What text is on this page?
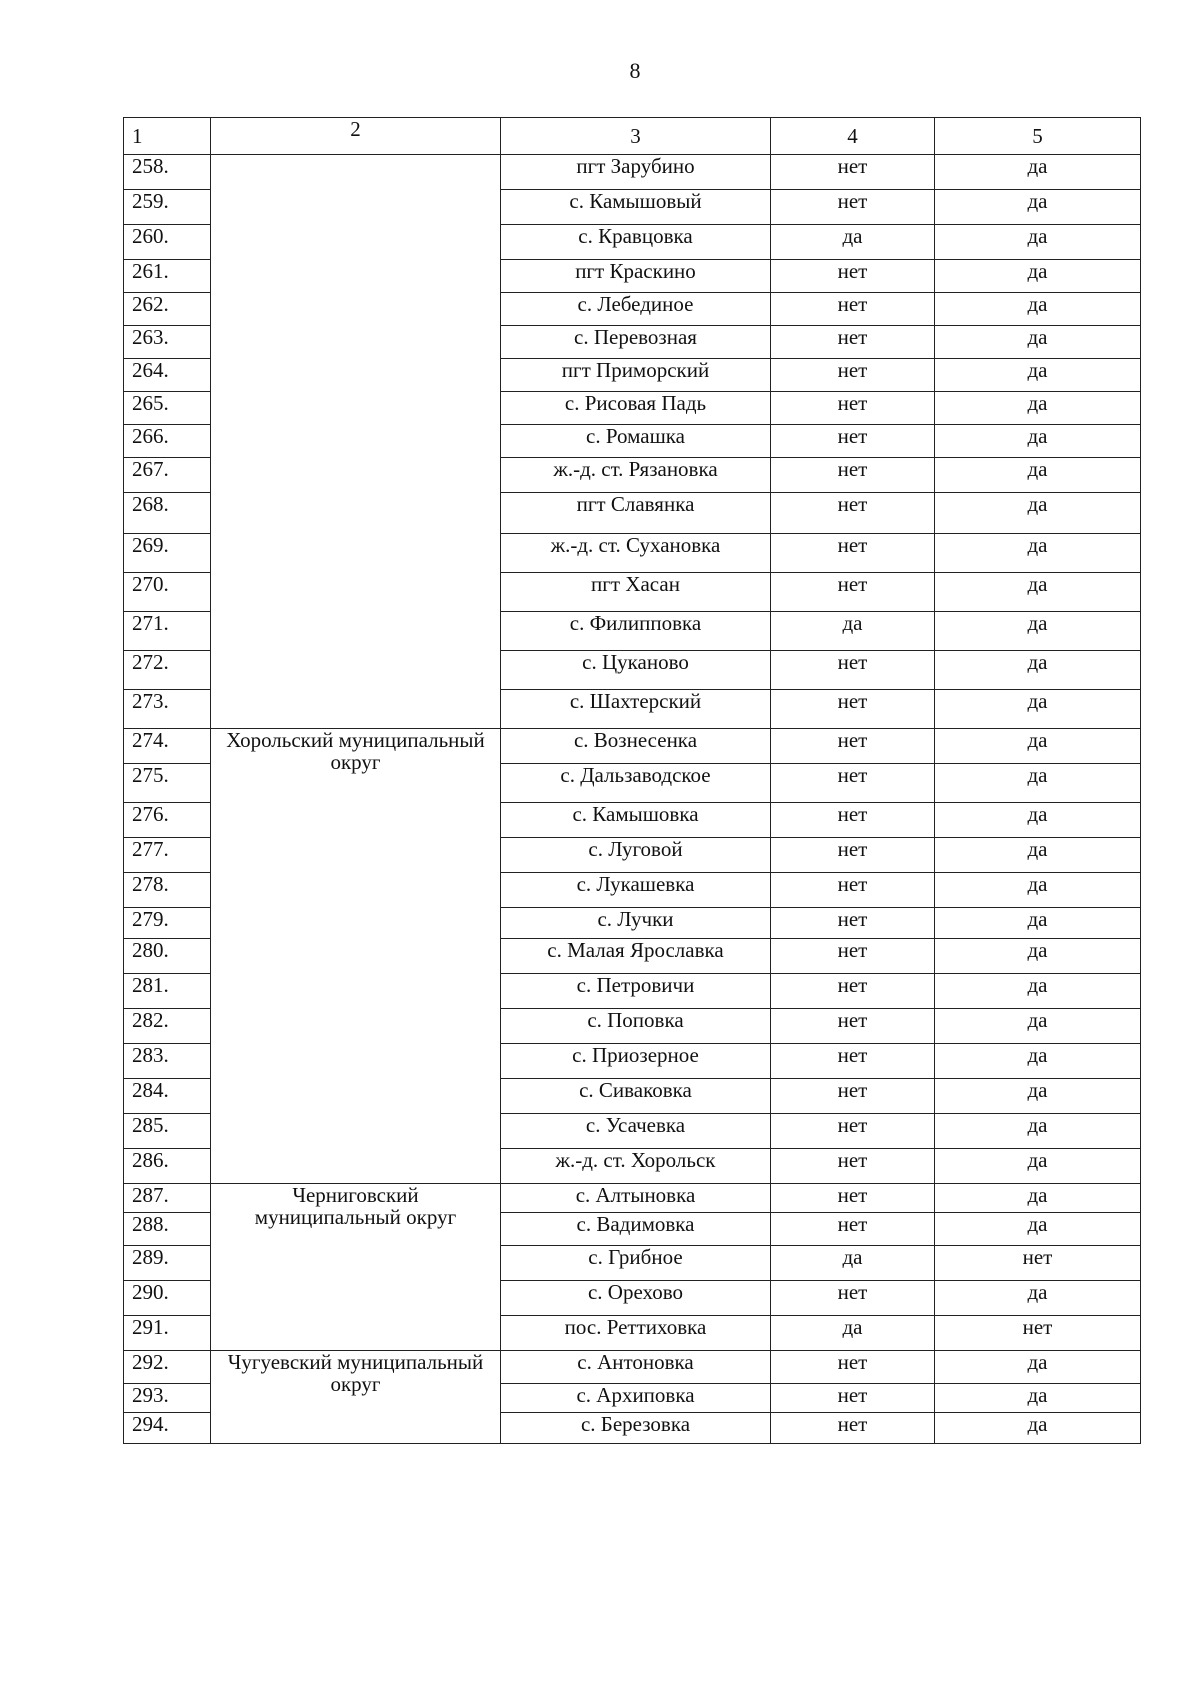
8
1	2	3	4	5
258.		пгт Зарубино	нет	да
259.		с. Камышовый	нет	да
260.		с. Кравцовка	да	да
261.		пгт Краскино	нет	да
262.		с. Лебединое	нет	да
263.		с. Перевозная	нет	да
264.		пгт Приморский	нет	да
265.		с. Рисовая Падь	нет	да
266.		с. Ромашка	нет	да
267.		ж.-д. ст. Рязановка	нет	да
268.		пгт Славянка	нет	да
269.		ж.-д. ст. Сухановка	нет	да
270.		пгт Хасан	нет	да
271.		с. Филипповка	да	да
272.		с. Цуканово	нет	да
273.		с. Шахтерский	нет	да
274.	Хорольский муниципальный округ	с. Вознесенка	нет	да
275.		с. Дальзаводское	нет	да
276.		с. Камышовка	нет	да
277.		с. Луговой	нет	да
278.		с. Лукашевка	нет	да
279.		с. Лучки	нет	да
280.		с. Малая Ярославка	нет	да
281.		с. Петровичи	нет	да
282.		с. Поповка	нет	да
283.		с. Приозерное	нет	да
284.		с. Сиваковка	нет	да
285.		с. Усачевка	нет	да
286.		ж.-д. ст. Хорольск	нет	да
287.	Черниговский муниципальный округ	с. Алтыновка	нет	да
288.		с. Вадимовка	нет	да
289.		с. Грибное	да	нет
290.		с. Орехово	нет	да
291.		пос. Реттиховка	да	нет
292.	Чугуевский муниципальный округ	с. Антоновка	нет	да
293.		с. Архиповка	нет	да
294.		с. Березовка	нет	да
